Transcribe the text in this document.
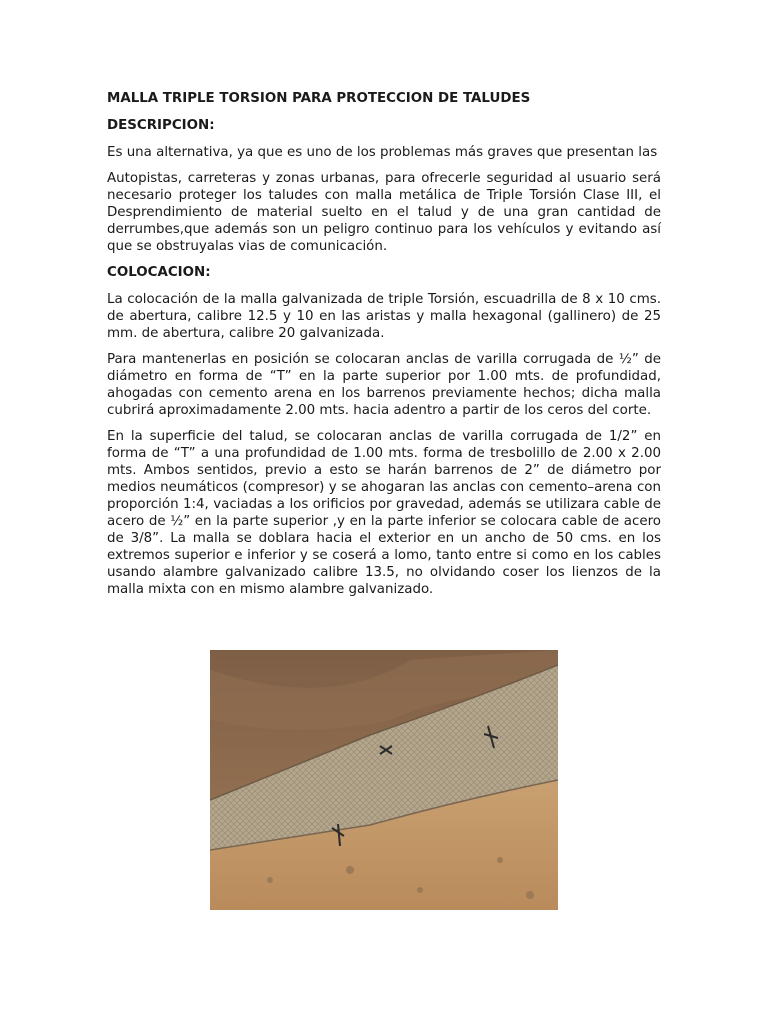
MALLA TRIPLE TORSION PARA PROTECCION DE TALUDES

DESCRIPCION:

Es una alternativa, ya que es uno de los problemas más graves que presentan las

Autopistas, carreteras y zonas urbanas, para ofrecerle seguridad al usuario será necesario proteger los taludes con malla metálica de Triple Torsión Clase III, el Desprendimiento de material suelto en el talud y de una gran cantidad de derrumbes,que además son un peligro continuo para los vehículos y evitando así que se obstruyalas vias de comunicación.

COLOCACION:

La colocación de la malla galvanizada de triple Torsión, escuadrilla de 8 x 10 cms. de abertura, calibre 12.5 y 10 en las aristas y malla hexagonal (gallinero) de 25 mm. de abertura, calibre 20 galvanizada.

Para mantenerlas en posición se colocaran anclas de varilla corrugada de ½” de diámetro en forma de “T” en la parte superior por 1.00 mts. de profundidad, ahogadas con cemento arena en los barrenos previamente hechos; dicha malla cubrirá aproximadamente 2.00 mts. hacia adentro a partir de los ceros del corte.

En la superficie del talud, se colocaran anclas de varilla corrugada de 1/2” en forma de “T” a una profundidad de 1.00 mts. forma de tresbolillo de 2.00 x 2.00 mts. Ambos sentidos, previo a esto se harán barrenos de 2” de diámetro por medios neumáticos (compresor) y se ahogaran las anclas con cemento–arena con proporción 1:4, vaciadas a los orificios por gravedad, además se utilizara cable de acero de ½” en la parte superior ,y en la parte inferior se colocara cable de acero de 3/8”. La malla se doblara hacia el exterior en un ancho de 50 cms. en los extremos superior e inferior y se coserá a lomo, tanto entre si como en los cables usando alambre galvanizado calibre 13.5, no olvidando coser los lienzos de la malla mixta con en mismo alambre galvanizado.
